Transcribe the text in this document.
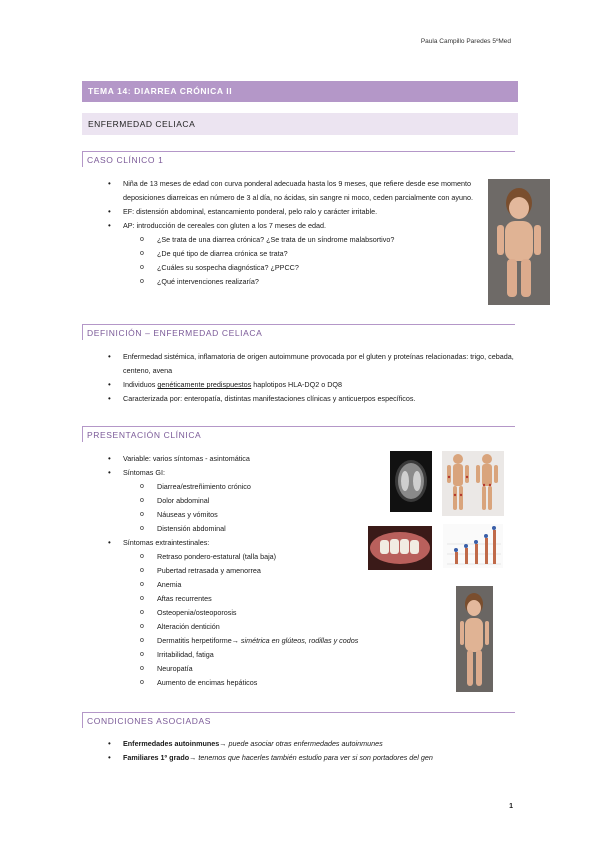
Paula Campillo Paredes 5ºMed
TEMA 14: DIARREA CRÓNICA II
ENFERMEDAD CELIACA
CASO CLÍNICO 1
• Niña de 13 meses de edad con curva ponderal adecuada hasta los 9 meses, que refiere desde ese momento deposiciones diarreicas en número de 3 al día, no ácidas, sin sangre ni moco, ceden parcialmente con ayuno.
• EF: distensión abdominal, estancamiento ponderal, pelo ralo y carácter irritable.
• AP: introducción de cereales con gluten a los 7 meses de edad.
o ¿Se trata de una diarrea crónica? ¿Se trata de un síndrome malabsortivo?
o ¿De qué tipo de diarrea crónica se trata?
o ¿Cuáles su sospecha diagnóstica? ¿PPCC?
o ¿Qué intervenciones realizaría?
DEFINICIÓN – ENFERMEDAD CELIACA
• Enfermedad sistémica, inflamatoria de origen autoimmune provocada por el gluten y proteínas relacionadas: trigo, cebada, centeno, avena
• Individuos genéticamente predispuestos haplotipos HLA-DQ2 o DQ8
• Caracterizada por: enteropatía, distintas manifestaciones clínicas y anticuerpos específicos.
PRESENTACIÓN CLÍNICA
• Variable: varios síntomas - asintomática
• Síntomas GI:
o Diarrea/estreñimiento crónico
o Dolor abdominal
o Náuseas y vómitos
o Distensión abdominal
• Síntomas extraintestinales:
o Retraso pondero-estatural (talla baja)
o Pubertad retrasada y amenorrea
o Anemia
o Aftas recurrentes
o Osteopenia/osteoporosis
o Alteración dentición
o Dermatitis herpetiforme→ simétrica en glúteos, rodillas y codos
o Irritabilidad, fatiga
o Neuropatía
o Aumento de encimas hepáticos
CONDICIONES ASOCIADAS
• Enfermedades autoinmunes→ puede asociar otras enfermedades autoinmunes
• Familiares 1º grado→ tenemos que hacerles también estudio para ver si son portadores del gen
1
